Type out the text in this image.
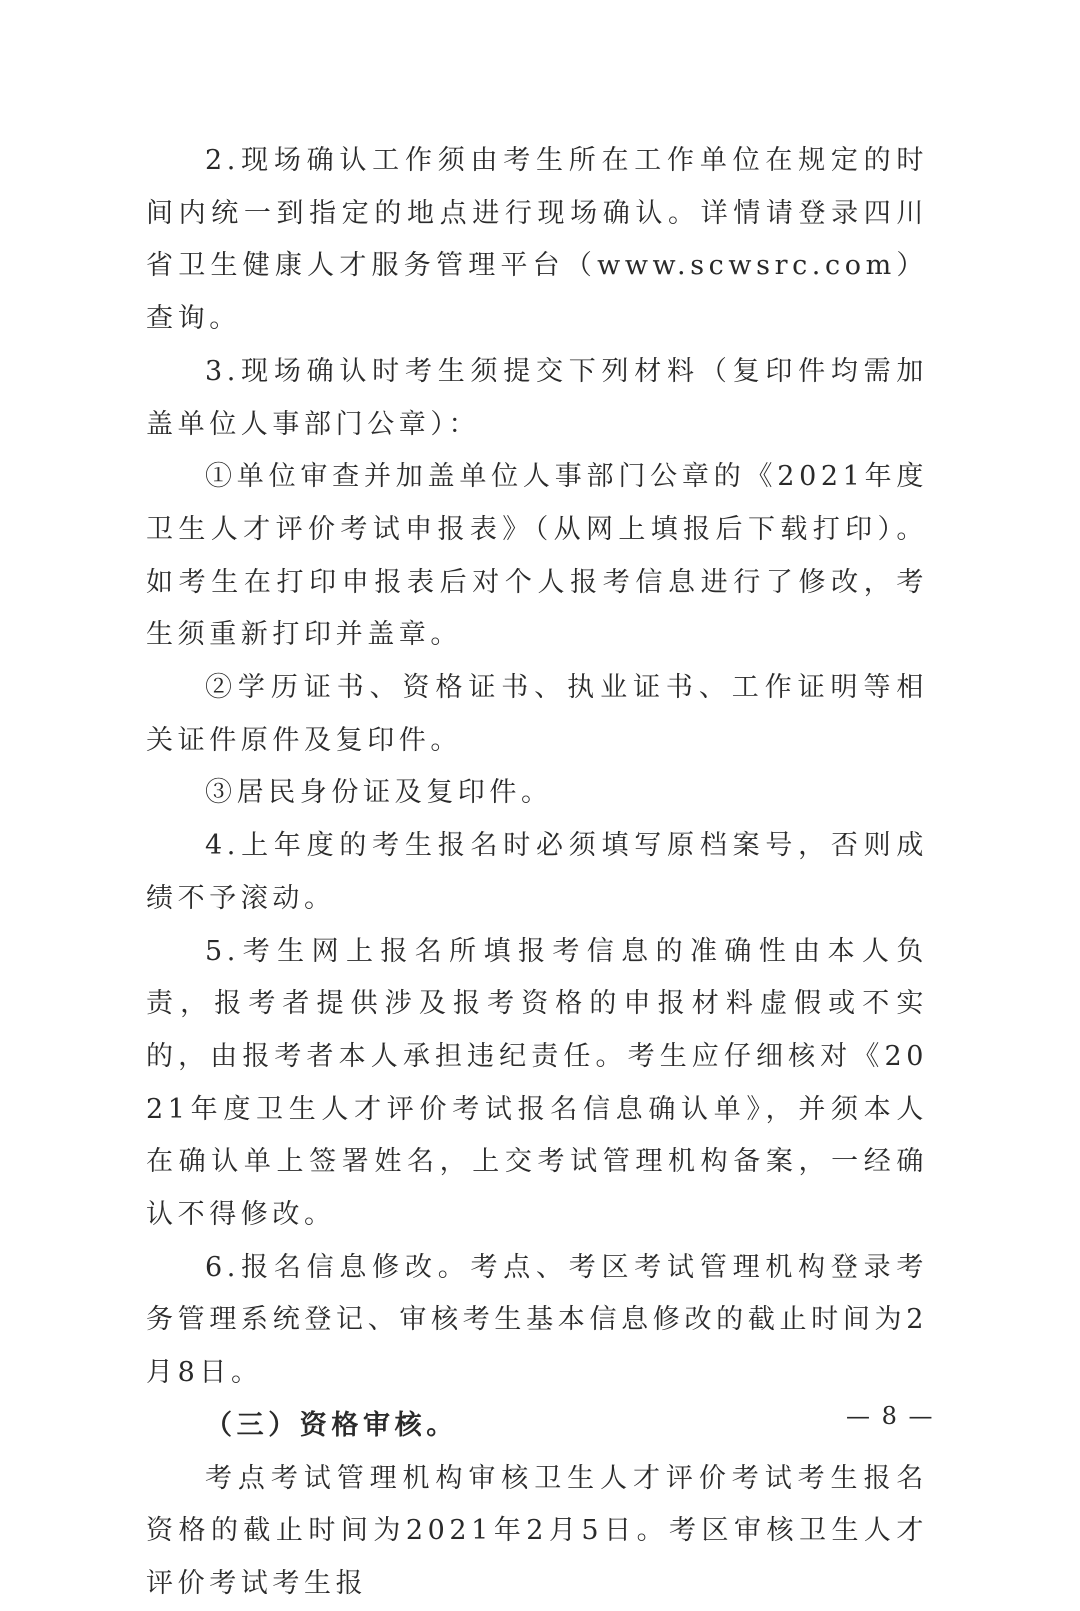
2.现场确认工作须由考生所在工作单位在规定的时间内统一到指定的地点进行现场确认。详情请登录四川省卫生健康人才服务管理平台（www.scwsrc.com）查询。

3.现场确认时考生须提交下列材料（复印件均需加盖单位人事部门公章）：

①单位审查并加盖单位人事部门公章的《2021年度卫生人才评价考试申报表》（从网上填报后下载打印）。如考生在打印申报表后对个人报考信息进行了修改，考生须重新打印并盖章。

②学历证书、资格证书、执业证书、工作证明等相关证件原件及复印件。

③居民身份证及复印件。

4.上年度的考生报名时必须填写原档案号，否则成绩不予滚动。

5.考生网上报名所填报考信息的准确性由本人负责，报考者提供涉及报考资格的申报材料虚假或不实的，由报考者本人承担违纪责任。考生应仔细核对《2021年度卫生人才评价考试报名信息确认单》，并须本人在确认单上签署姓名，上交考试管理机构备案，一经确认不得修改。

6.报名信息修改。考点、考区考试管理机构登录考务管理系统登记、审核考生基本信息修改的截止时间为2月8日。

（三）资格审核。

考点考试管理机构审核卫生人才评价考试考生报名资格的截止时间为2021年2月5日。考区审核卫生人才评价考试考生报

— 8 —
